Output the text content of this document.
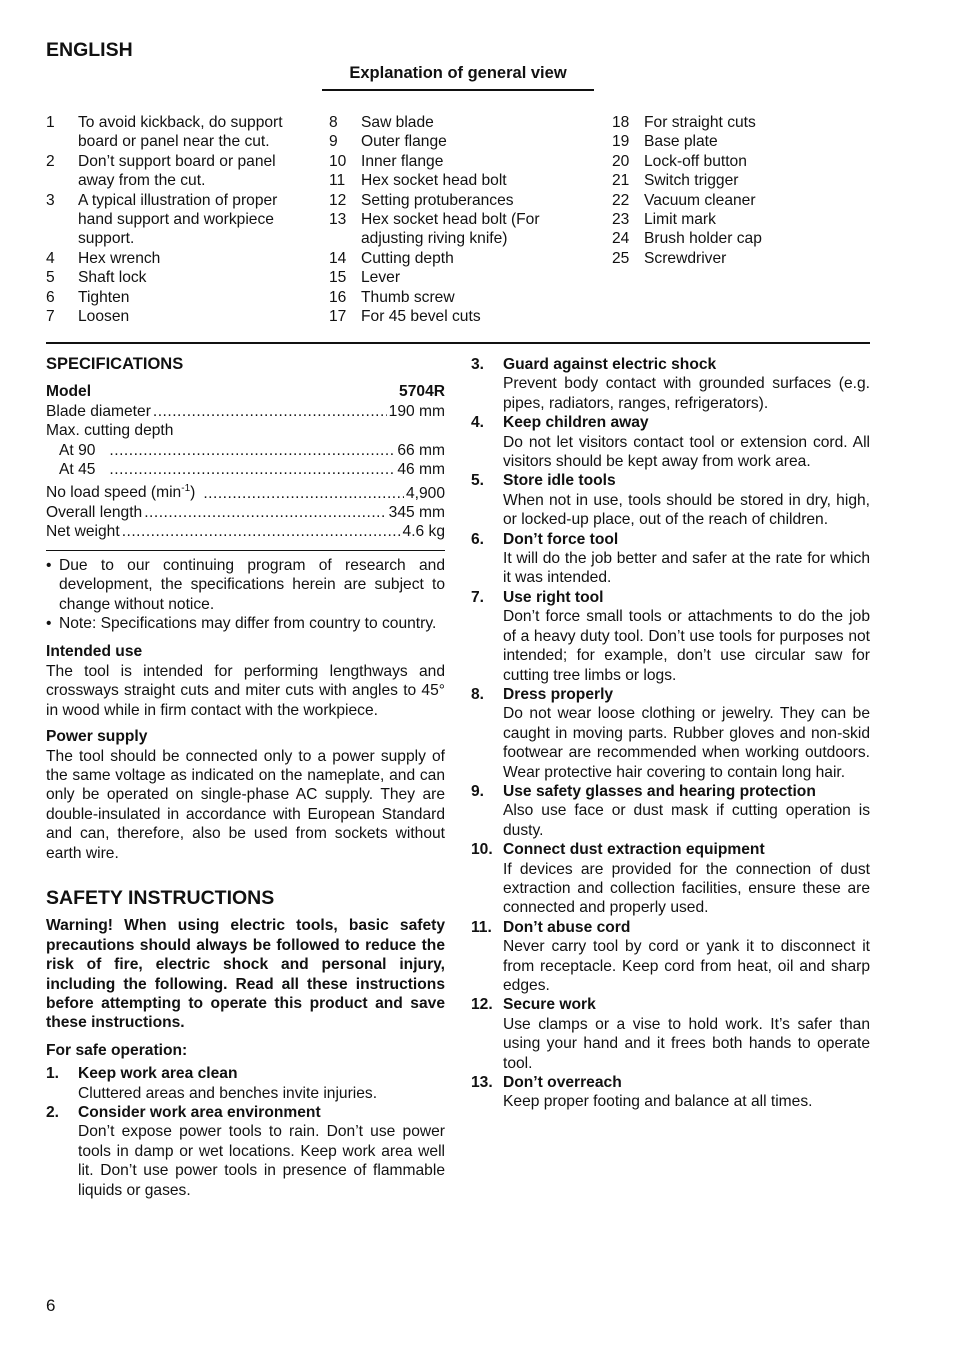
ENGLISH
Explanation of general view
1	To avoid kickback, do support board or panel near the cut.
2	Don’t support board or panel away from the cut.
3	A typical illustration of proper hand support and workpiece support.
4	Hex wrench
5	Shaft lock
6	Tighten
7	Loosen
8	Saw blade
9	Outer flange
10 Inner flange
11	Hex socket head bolt
12 Setting protuberances
13 Hex socket head bolt (For adjusting riving knife)
14 Cutting depth
15 Lever
16 Thumb screw
17 For 45 bevel cuts
18 For straight cuts
19 Base plate
20 Lock-off button
21 Switch trigger
22 Vacuum cleaner
23 Limit mark
24 Brush holder cap
25 Screwdriver
SPECIFICATIONS
Model	5704R
Blade diameter .....	190 mm
Max. cutting depth
At 90 .....	66 mm
At 45 .....	46 mm
No load speed $(\min^{-1})$ .....	4,900
Overall length .....	345 mm
Net weight .....	4.6 kg
• Due to our continuing program of research and development, the specifications herein are subject to change without notice.
• Note: Specifications may differ from country to country.
Intended use

The tool is intended for performing lengthways and crossways straight cuts and miter cuts with angles to 45° in wood while in firm contact with the workpiece.

Power supply

The tool should be connected only to a power supply of the same voltage as indicated on the nameplate, and can only be operated on single-phase AC supply. They are double-insulated in accordance with European Standard and can, therefore, also be used from sockets without earth wire.

SAFETY INSTRUCTIONS
Warning! When using electric tools, basic safety precautions should always be followed to reduce the risk of fire, electric shock and personal injury, including the following. Read all these instructions before attempting to operate this product and save these instructions.
For safe operation:
1.	Keep work area clean
Cluttered areas and benches invite injuries.
2.	Consider work area environment
Don’t expose power tools to rain. Don’t use power tools in damp or wet locations. Keep work area well lit. Don’t use power tools in presence of flammable liquids or gases.
3.	Guard against electric shock
Prevent body contact with grounded surfaces (e.g. pipes, radiators, ranges, refrigerators).
4.	Keep children away
Do not let visitors contact tool or extension cord. All visitors should be kept away from work area.
5.	Store idle tools
When not in use, tools should be stored in dry, high, or locked-up place, out of the reach of children.
6.	Don’t force tool
It will do the job better and safer at the rate for which it was intended.
7.	Use right tool
Don’t force small tools or attachments to do the job of a heavy duty tool. Don’t use tools for purposes not intended; for example, don’t use circular saw for cutting tree limbs or logs.
8.	Dress properly
Do not wear loose clothing or jewelry. They can be caught in moving parts. Rubber gloves and non-skid footwear are recommended when working outdoors. Wear protective hair covering to contain long hair.
9.	Use safety glasses and hearing protection
Also use face or dust mask if cutting operation is dusty.
10. Connect dust extraction equipment
If devices are provided for the connection of dust extraction and collection facilities, ensure these are connected and properly used.
11. Don’t abuse cord
Never carry tool by cord or yank it to disconnect it from receptacle. Keep cord from heat, oil and sharp edges.
12. Secure work
Use clamps or a vise to hold work. It’s safer than using your hand and it frees both hands to operate tool.
13. Don’t overreach
Keep proper footing and balance at all times.
6
